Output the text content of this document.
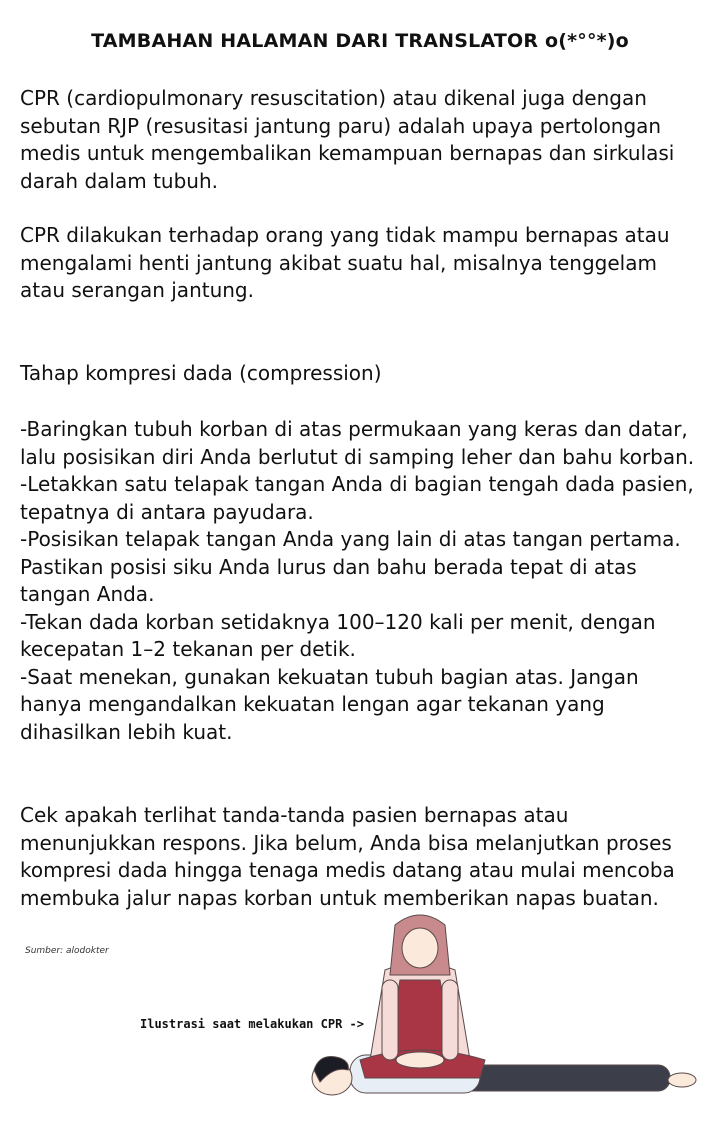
TAMBAHAN HALAMAN DARI TRANSLATOR o(*°°*)o
CPR (cardiopulmonary resuscitation) atau dikenal juga dengan sebutan RJP (resusitasi jantung paru) adalah upaya pertolongan medis untuk mengembalikan kemampuan bernapas dan sirkulasi darah dalam tubuh.
CPR dilakukan terhadap orang yang tidak mampu bernapas atau mengalami henti jantung akibat suatu hal, misalnya tenggelam atau serangan jantung.
Tahap kompresi dada (compression)
-Baringkan tubuh korban di atas permukaan yang keras dan datar, lalu posisikan diri Anda berlutut di samping leher dan bahu korban.
-Letakkan satu telapak tangan Anda di bagian tengah dada pasien, tepatnya di antara payudara.
-Posisikan telapak tangan Anda yang lain di atas tangan pertama. Pastikan posisi siku Anda lurus dan bahu berada tepat di atas tangan Anda.
-Tekan dada korban setidaknya 100–120 kali per menit, dengan kecepatan 1–2 tekanan per detik.
-Saat menekan, gunakan kekuatan tubuh bagian atas. Jangan hanya mengandalkan kekuatan lengan agar tekanan yang dihasilkan lebih kuat.
Cek apakah terlihat tanda-tanda pasien bernapas atau menunjukkan respons. Jika belum, Anda bisa melanjutkan proses kompresi dada hingga tenaga medis datang atau mulai mencoba membuka jalur napas korban untuk memberikan napas buatan.
Sumber: alodokter
Ilustrasi saat melakukan CPR ->
